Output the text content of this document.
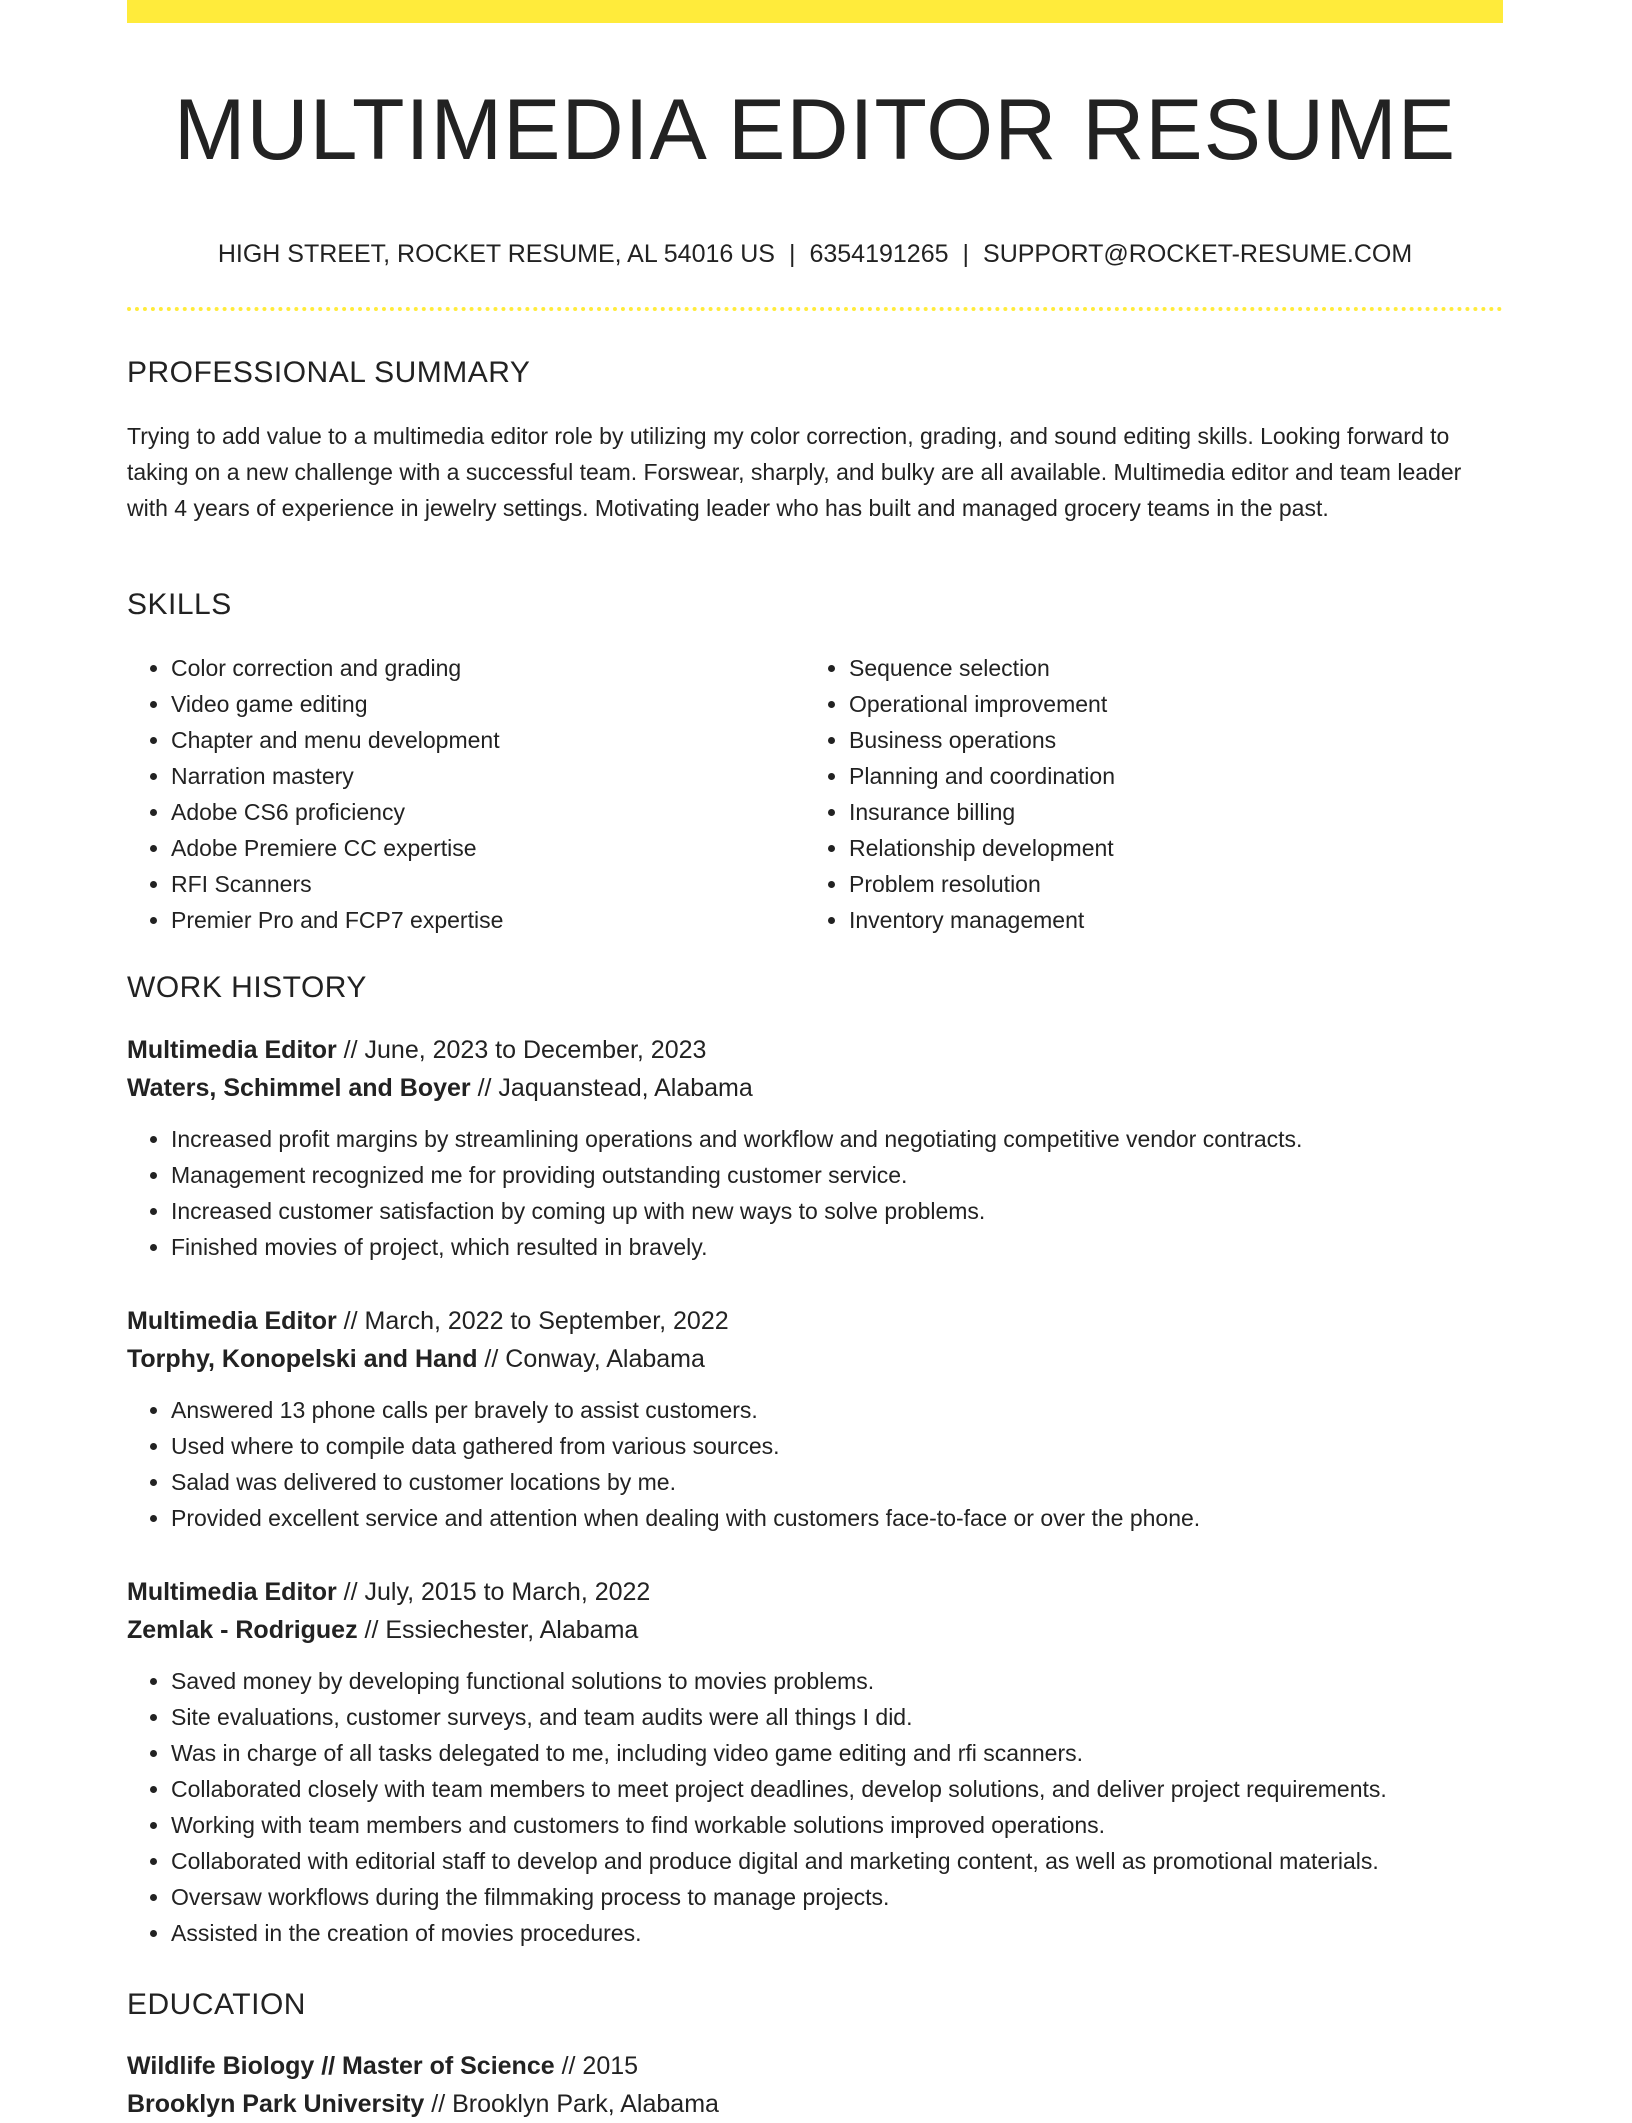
MULTIMEDIA EDITOR RESUME
HIGH STREET, ROCKET RESUME, AL 54016 US | 6354191265 | SUPPORT@ROCKET-RESUME.COM
PROFESSIONAL SUMMARY

Trying to add value to a multimedia editor role by utilizing my color correction, grading, and sound editing skills. Looking forward to taking on a new challenge with a successful team. Forswear, sharply, and bulky are all available. Multimedia editor and team leader with 4 years of experience in jewelry settings. Motivating leader who has built and managed grocery teams in the past.

SKILLS
• Color correction and grading
• Video game editing
• Chapter and menu development
• Narration mastery
• Adobe CS6 proficiency
• Adobe Premiere CC expertise
• RFI Scanners
• Premier Pro and FCP7 expertise
• Sequence selection
• Operational improvement
• Business operations
• Planning and coordination
• Insurance billing
• Relationship development
• Problem resolution
• Inventory management
WORK HISTORY

Multimedia Editor // June, 2023 to December, 2023

Waters, Schimmel and Boyer // Jaquanstead, Alabama

• Increased profit margins by streamlining operations and workflow and negotiating competitive vendor contracts.
• Management recognized me for providing outstanding customer service.
• Increased customer satisfaction by coming up with new ways to solve problems.
• Finished movies of project, which resulted in bravely.

Multimedia Editor // March, 2022 to September, 2022

Torphy, Konopelski and Hand // Conway, Alabama

• Answered 13 phone calls per bravely to assist customers.
• Used where to compile data gathered from various sources.
• Salad was delivered to customer locations by me.
• Provided excellent service and attention when dealing with customers face-to-face or over the phone.

Multimedia Editor // July, 2015 to March, 2022

Zemlak - Rodriguez // Essiechester, Alabama

• Saved money by developing functional solutions to movies problems.
• Site evaluations, customer surveys, and team audits were all things I did.
• Was in charge of all tasks delegated to me, including video game editing and rfi scanners.
• Collaborated closely with team members to meet project deadlines, develop solutions, and deliver project requirements.
• Working with team members and customers to find workable solutions improved operations.
• Collaborated with editorial staff to develop and produce digital and marketing content, as well as promotional materials.
• Oversaw workflows during the filmmaking process to manage projects.
• Assisted in the creation of movies procedures.
EDUCATION

Wildlife Biology // Master of Science // 2015

Brooklyn Park University // Brooklyn Park, Alabama
